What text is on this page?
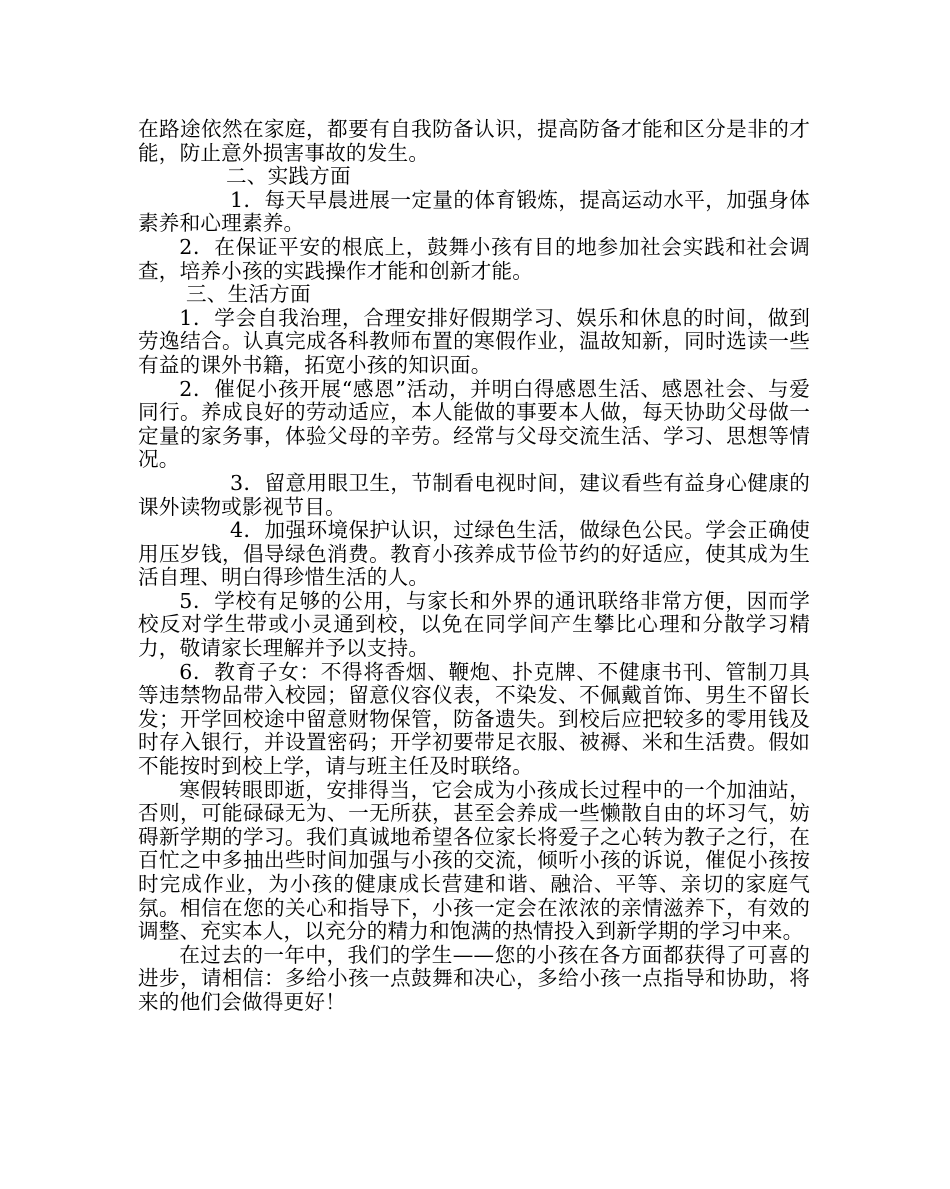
在路途依然在家庭，都要有自我防备认识，提高防备才能和区分是非的才能，防止意外损害事故的发生。

二、实践方面

1．每天早晨进展一定量的体育锻炼，提高运动水平，加强身体素养和心理素养。

2．在保证平安的根底上，鼓舞小孩有目的地参加社会实践和社会调查，培养小孩的实践操作才能和创新才能。

三、生活方面

1．学会自我治理，合理安排好假期学习、娱乐和休息的时间，做到劳逸结合。认真完成各科教师布置的寒假作业，温故知新，同时选读一些有益的课外书籍，拓宽小孩的知识面。

2．催促小孩开展“感恩”活动，并明白得感恩生活、感恩社会、与爱同行。养成良好的劳动适应，本人能做的事要本人做，每天协助父母做一定量的家务事，体验父母的辛劳。经常与父母交流生活、学习、思想等情况。

3．留意用眼卫生，节制看电视时间，建议看些有益身心健康的课外读物或影视节目。

4．加强环境保护认识，过绿色生活，做绿色公民。学会正确使用压岁钱，倡导绿色消费。教育小孩养成节俭节约的好适应，使其成为生活自理、明白得珍惜生活的人。

5．学校有足够的公用，与家长和外界的通讯联络非常方便，因而学校反对学生带或小灵通到校，以免在同学间产生攀比心理和分散学习精力，敬请家长理解并予以支持。

6．教育子女：不得将香烟、鞭炮、扑克牌、不健康书刊、管制刀具等违禁物品带入校园；留意仪容仪表，不染发、不佩戴首饰、男生不留长发；开学回校途中留意财物保管，防备遗失。到校后应把较多的零用钱及时存入银行，并设置密码；开学初要带足衣服、被褥、米和生活费。假如不能按时到校上学，请与班主任及时联络。

寒假转眼即逝，安排得当，它会成为小孩成长过程中的一个加油站，否则，可能碌碌无为、一无所获，甚至会养成一些懒散自由的坏习气，妨碍新学期的学习。我们真诚地希望各位家长将爱子之心转为教子之行，在百忙之中多抽出些时间加强与小孩的交流，倾听小孩的诉说，催促小孩按时完成作业，为小孩的健康成长营建和谐、融洽、平等、亲切的家庭气氛。相信在您的关心和指导下，小孩一定会在浓浓的亲情滋养下，有效的调整、充实本人，以充分的精力和饱满的热情投入到新学期的学习中来。

在过去的一年中，我们的学生——您的小孩在各方面都获得了可喜的进步，请相信：多给小孩一点鼓舞和决心，多给小孩一点指导和协助，将来的他们会做得更好！
